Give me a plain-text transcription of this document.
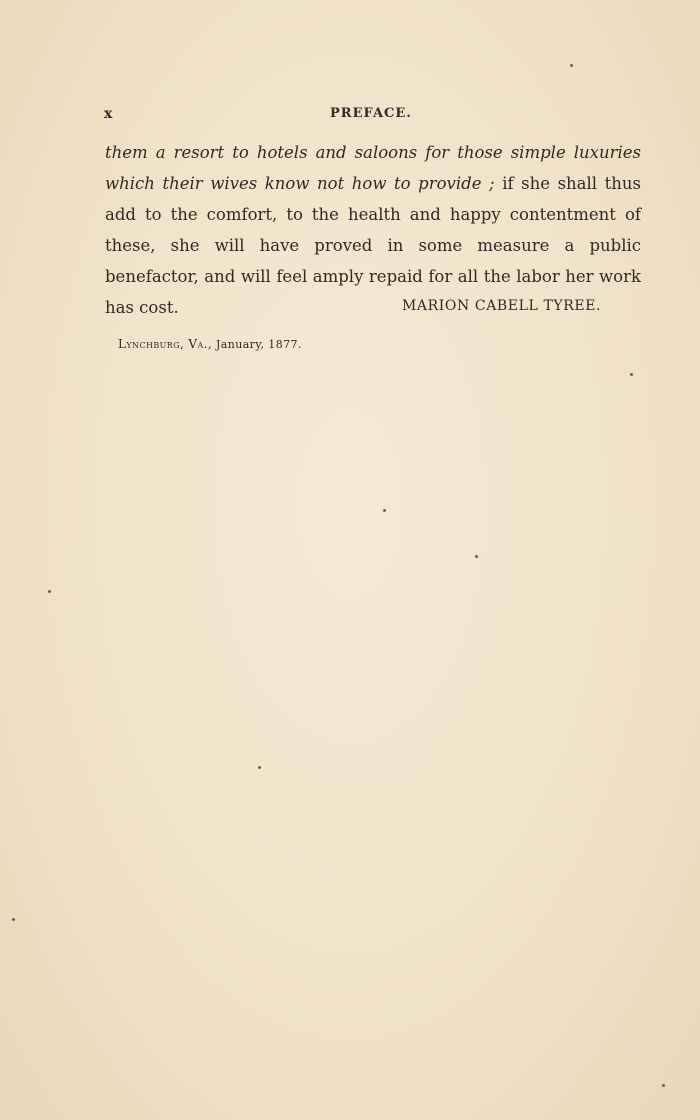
x	PREFACE.
them a resort to hotels and saloons for those simple luxuries which their wives know not how to provide ; if she shall thus add to the comfort, to the health and happy contentment of these, she will have proved in some measure a public benefactor, and will feel amply repaid for all the labor her work has cost.	MARION CABELL TYREE.
Lynchburg, Va., January, 1877.
